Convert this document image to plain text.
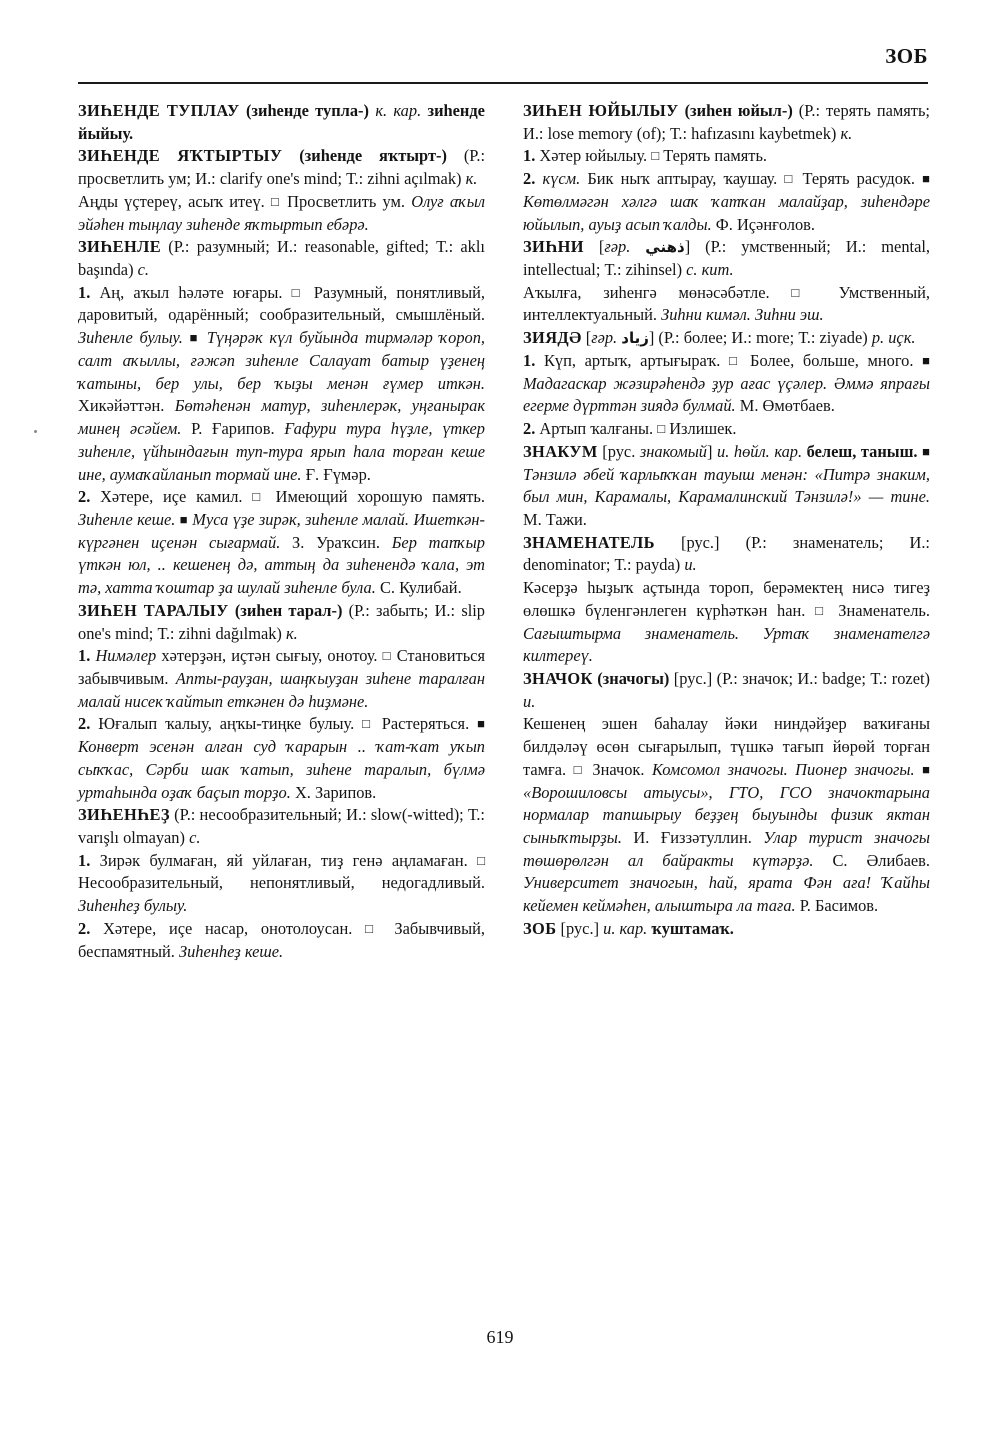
ЗОБ

ЗИҺЕНДЕ ТУПЛАУ (зиһенде тупла-) к. кар. зиһенде йыйыу.

ЗИҺЕНДЕ ЯҠТЫРТЫУ (зиһенде яҡтырт-) (Р.: просветлить ум; И.: clarify one's mind; Т.: zihni açılmak) к.

Аңды үçтереү, асыҡ итеү. □ Просветлить ум. Олуғ аҡыл эйәһен тыңлау зиһенде яҡтыртып ебәрә.

ЗИҺЕНЛЕ (Р.: разумный; И.: reasonable, gifted; Т.: aklı başında) с.

1. Аң, аҡыл һәләте юғары. □ Разумный, понятливый, даровитый, одарённый; сообразительный, смышлёный. Зиһенле булыу. ■ Түңәрәк күл буйында тирмәләр ҡороп, салт аҡыллы, ғәжәп зиһенле Салауат батыр үҙенең ҡатыны, бер улы, бер ҡыҙы менән ғүмер иткән. Хикәйәттән. Бөтәһенән матур, зиһенлерәк, уңғанырак минең әсәйем. Р. Ғарипов. Ғафури тура һүҙле, үткер зиһенле, үйһындағын туп-тура ярып һала торған кеше ине, аумаҡайланып тормай ине. Ғ. Ғүмәр.

2. Хәтере, иçе камил. □ Имеющий хорошую память. Зиһенле кеше. ■ Муса үҙе зирәк, зиһенле малай. Ишеткән-күргәнен иçенән сығармай. З. Ураҡсин. Бер тапҡыр үткән юл, .. кешенең дә, аттың да зиһенендә ҡала, эт тә, хатта ҡоштар ҙа шулай зиһенле була. С. Кулибай.

ЗИҺЕН ТАРАЛЫУ (зиһен тарал-) (Р.: забыть; И.: slip one's mind; Т.: zihni dağılmak) к.

1. Нимәлер хәтерҙән, иçтән сығыу, онотоу. □ Становиться забывчивым. Апты-рауҙан, шаңҡыуҙан зиһене таралған малай нисек ҡайтып еткәнен дә һиҙмәне.

2. Юғалып ҡалыу, аңҡы-тиңке булыу. □ Растеряться. ■ Конверт эсенән алған суд ҡарарын .. ҡат-ҡат уҡып сыҡҡас, Сәрби шак ҡатып, зиһене таралып, бүлмә уртаһында оҙаҡ баçып торҙо. Х. Зарипов.

ЗИҺЕНҺЕҘ (Р.: несообразительный; И.: slow(-witted); Т.: varışlı olmayan) с.

1. Зирәк булмаған, яй уйлаған, тиҙ генә аңламаған. □ Несообразительный, непонятливый, недогадливый. Зиһенһеҙ булыу.

2. Хәтере, иçе насар, онотолоусан. □	Забывчивый, беспамятный. Зиһенһеҙ кеше.

ЗИҺЕН ЮЙЫЛЫУ (зиһен юйыл-) (Р.: терять память; И.: lose memory (of); Т.: hafızasını kaybetmek) к.

1. Хәтер юйылыу. □ Терять память.

2. күcм. Бик ныҡ аптырау, ҡаушау. □ Терять расудок. ■ Көтөлмәгән хәлгә шаҡ ҡатҡан малайҙар, зиһендәре юйылып, ауыҙ асып ҡалды. Ф. Иçәнғолов.

ЗИҺНИ [ғәр. ذهني] (Р.: умственный; И.: mental, intellectual; Т.: zihinsel) с. кит.

Аҡылға, зиһенгә мөнәсәбәтле. □	Умственный, интеллектуальный. Зиһни кимәл. Зиһни эш.

ЗИЯДӘ [ғәр. زياد] (Р.: более; И.: more; Т.: ziyade) р. иçк.

1. Күп, артыҡ, артығыраҡ. □ Более, больше, много. ■ Мадагаскар жәзирәһендә ҙур ағас үçәлер. Әммә япрағы егерме дүрттән зиядә булмай. М. Өмөтбаев.

2. Артып ҡалғаны. □ Излишек.

ЗНАКУМ [рус. знакомый] и. һөйл. кар. белеш, таныш. ■ Тәнзилә әбей ҡарлыҡҡан тауыш менән: «Питрә знаким, был мин, Карамалы, Карамалинский Тәнзилә!» — тине. М. Тажи.

ЗНАМЕНАТЕЛЬ [рус.] (Р.: знаменатель; И.: denominator; Т.: payda) и.

Кәcерҙә һыҙыҡ аçтында тороп, берәмектең нисә тигеҙ өлөшкә бүленгәнлеген күрһәткән һан. □ Знаменатель. Сағыштырма знаменатель. Уртаҡ знаменателгә килтереү.

ЗНАЧОК (значогы) [рус.] (Р.: значок; И.: badge; Т.: rozet) и.

Кешенең эшен баһалау йәки ниндәйҙер ваҡиғаны билдәләү өсөн сығарылып, түшкә тағып йөрөй торған тамға. □ Значок. Комсомол значогы. Пионер значогы. ■ «Ворошиловсы атыусы», ГТО, ГСО значоктарына нормалар тапшырыу беҙҙең быуынды физик яктан сыныҡтырҙы. И. Ғиззәтуллин. Улар турист значогы төшөрөлгән ал байракты күтәрҙә. С. Әлибаев. Университет значогын, һай, ярата Фән аға! Ҡайһы кейемен кеймәһен, алыштыра ла таға. Р. Басимов.

ЗОБ [рус.] и. кар. ҡуштамаҡ.

619
